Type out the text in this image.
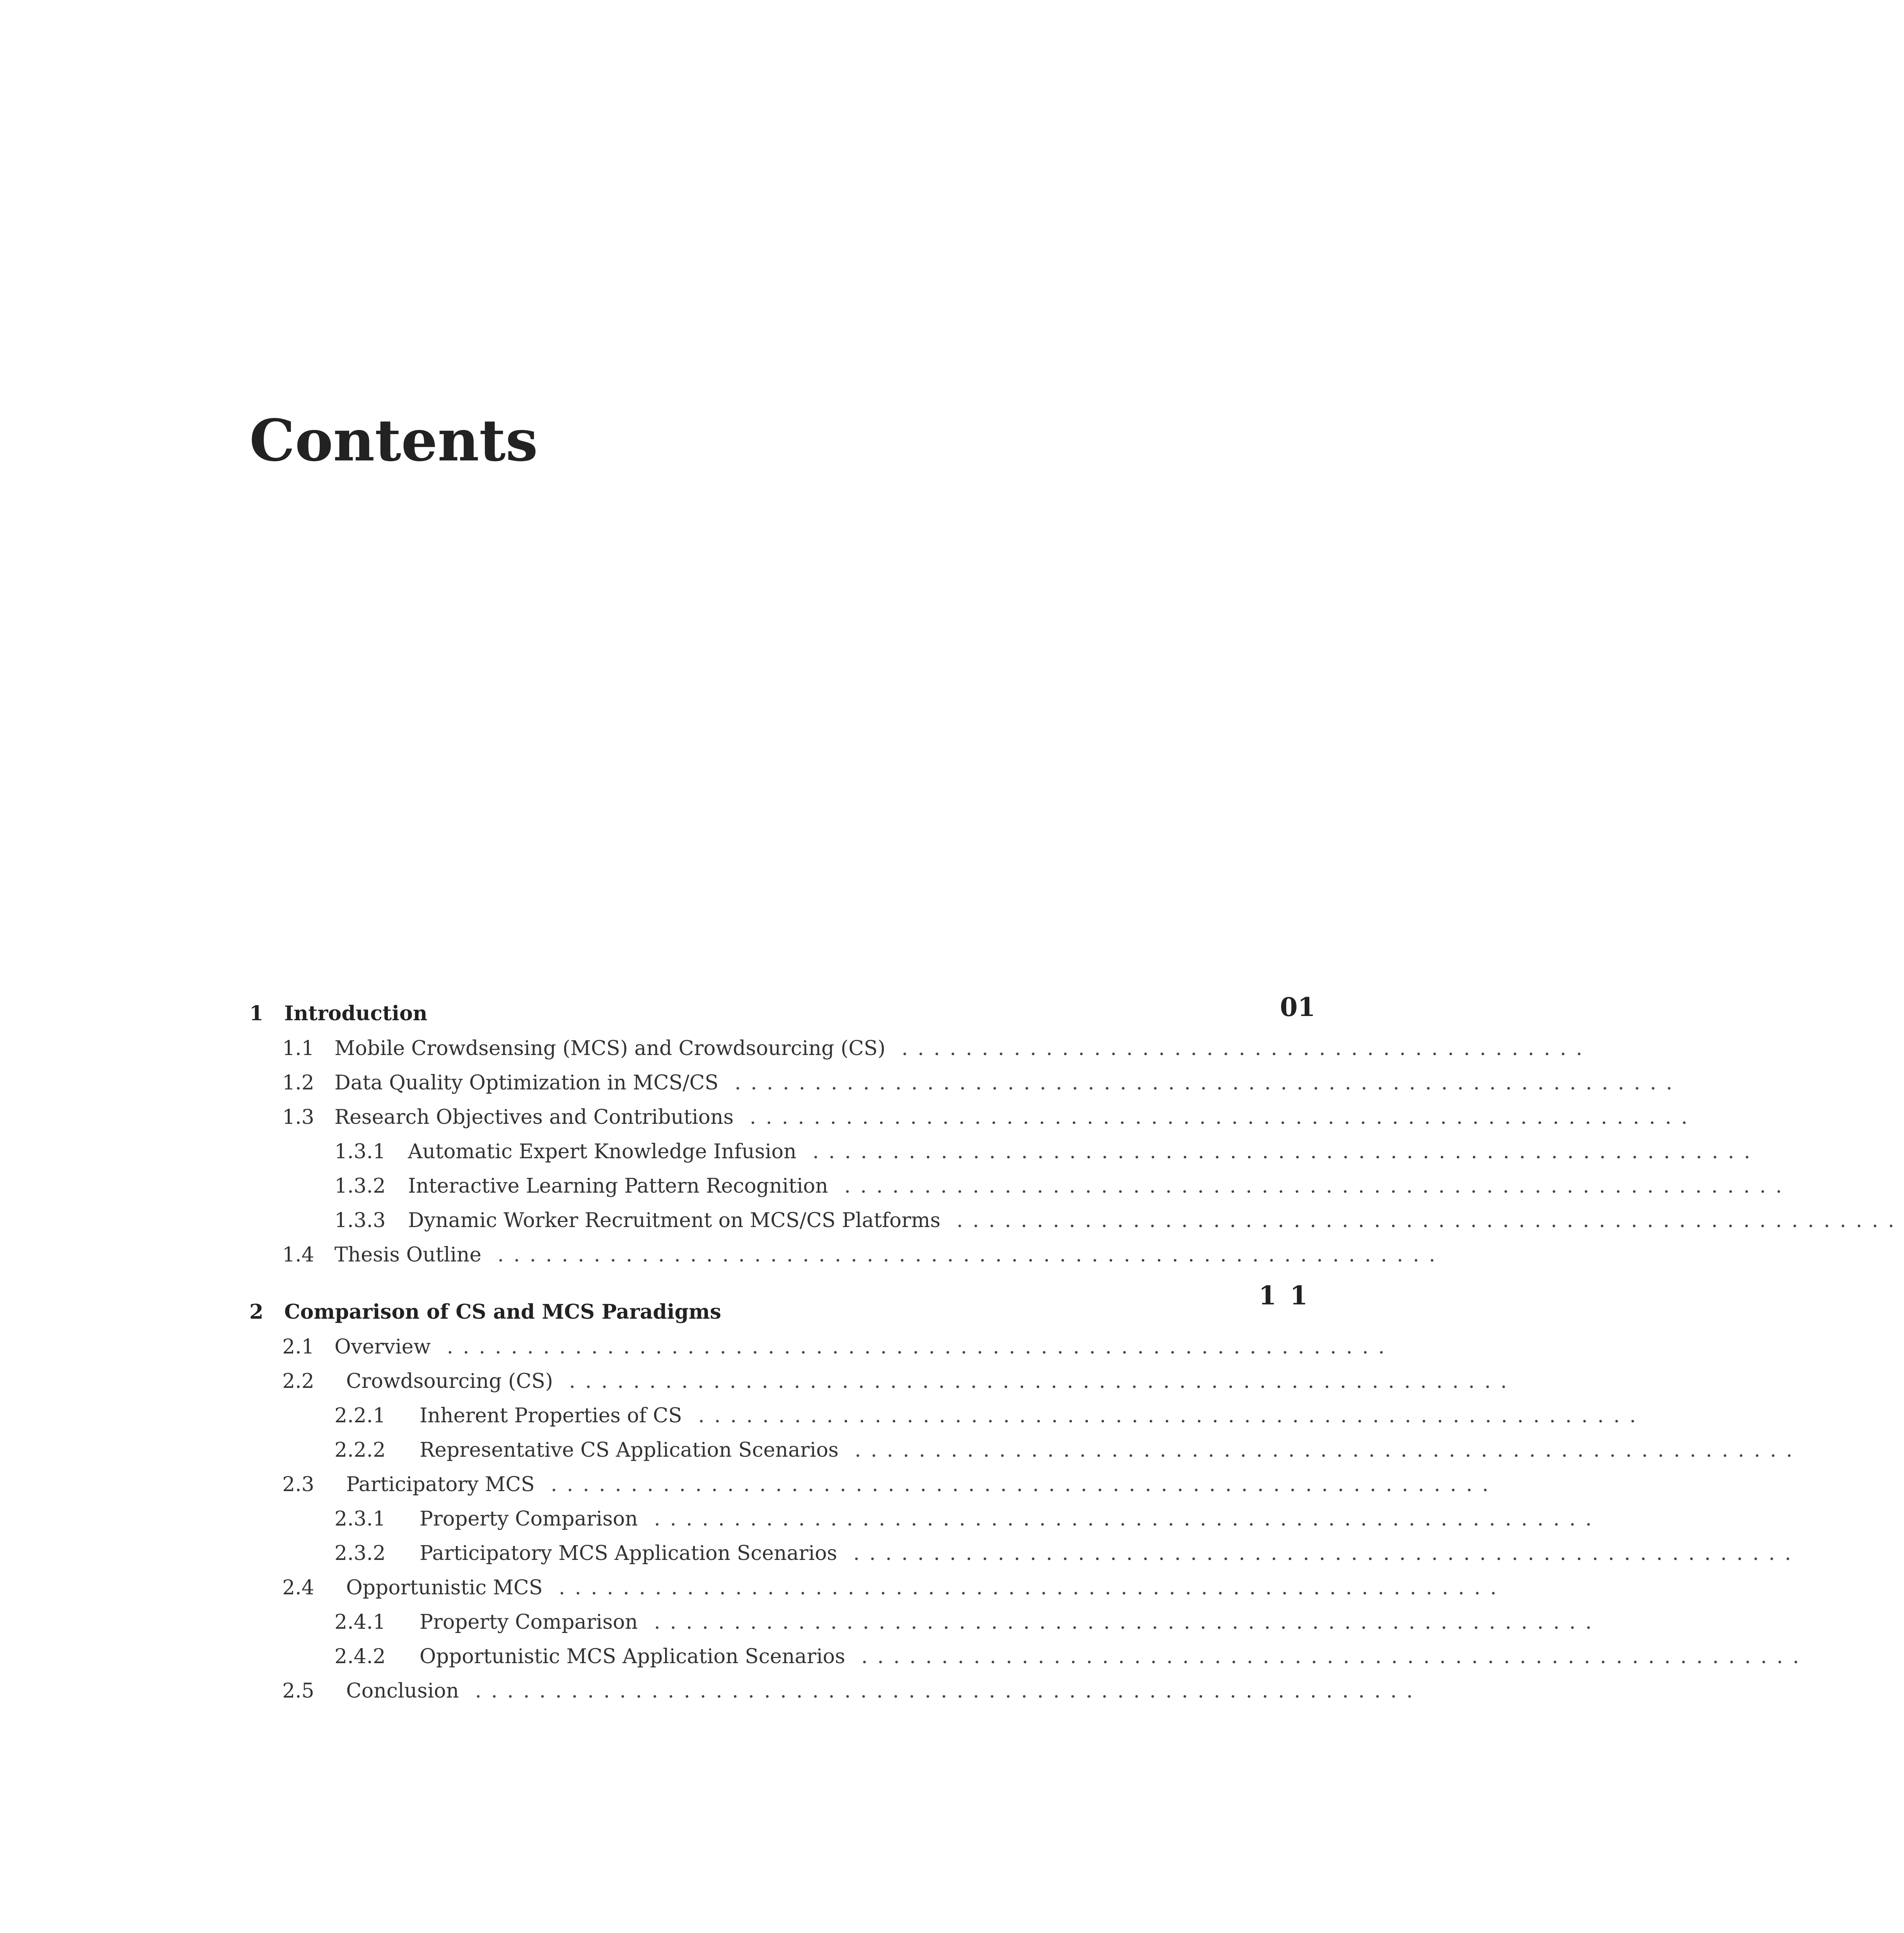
Contents
1 Introduction	01
1.1 Mobile Crowdsensing (MCS) and Crowdsourcing (CS) ...........................................
1.2 Data Quality Optimization in MCS/CS ...........................................................
1.3 Research Objectives and Contributions ...........................................................
1.3.1 Automatic Expert Knowledge Infusion ...........................................................
1.3.2 Interactive Learning Pattern Recognition ...........................................................
1.3.3 Dynamic Worker Recruitment on MCS/CS Platforms ...........................................................
1.4 Thesis Outline ...........................................................
2 Comparison of CS and MCS Paradigms
1 1
2.1 Overview ...........................................................
2.2 Crowdsourcing (CS) ...........................................................
2.2.1 Inherent Properties of CS ...........................................................
2.2.2 Representative CS Application Scenarios ...........................................................
2.3 Participatory MCS ...........................................................
2.3.1 Property Comparison ...........................................................
2.3.2 Participatory MCS Application Scenarios ...........................................................
2.4 Opportunistic MCS ...........................................................
2.4.1 Property Comparison ...........................................................
2.4.2 Opportunistic MCS Application Scenarios ...........................................................
2.5 Conclusion ...........................................................
